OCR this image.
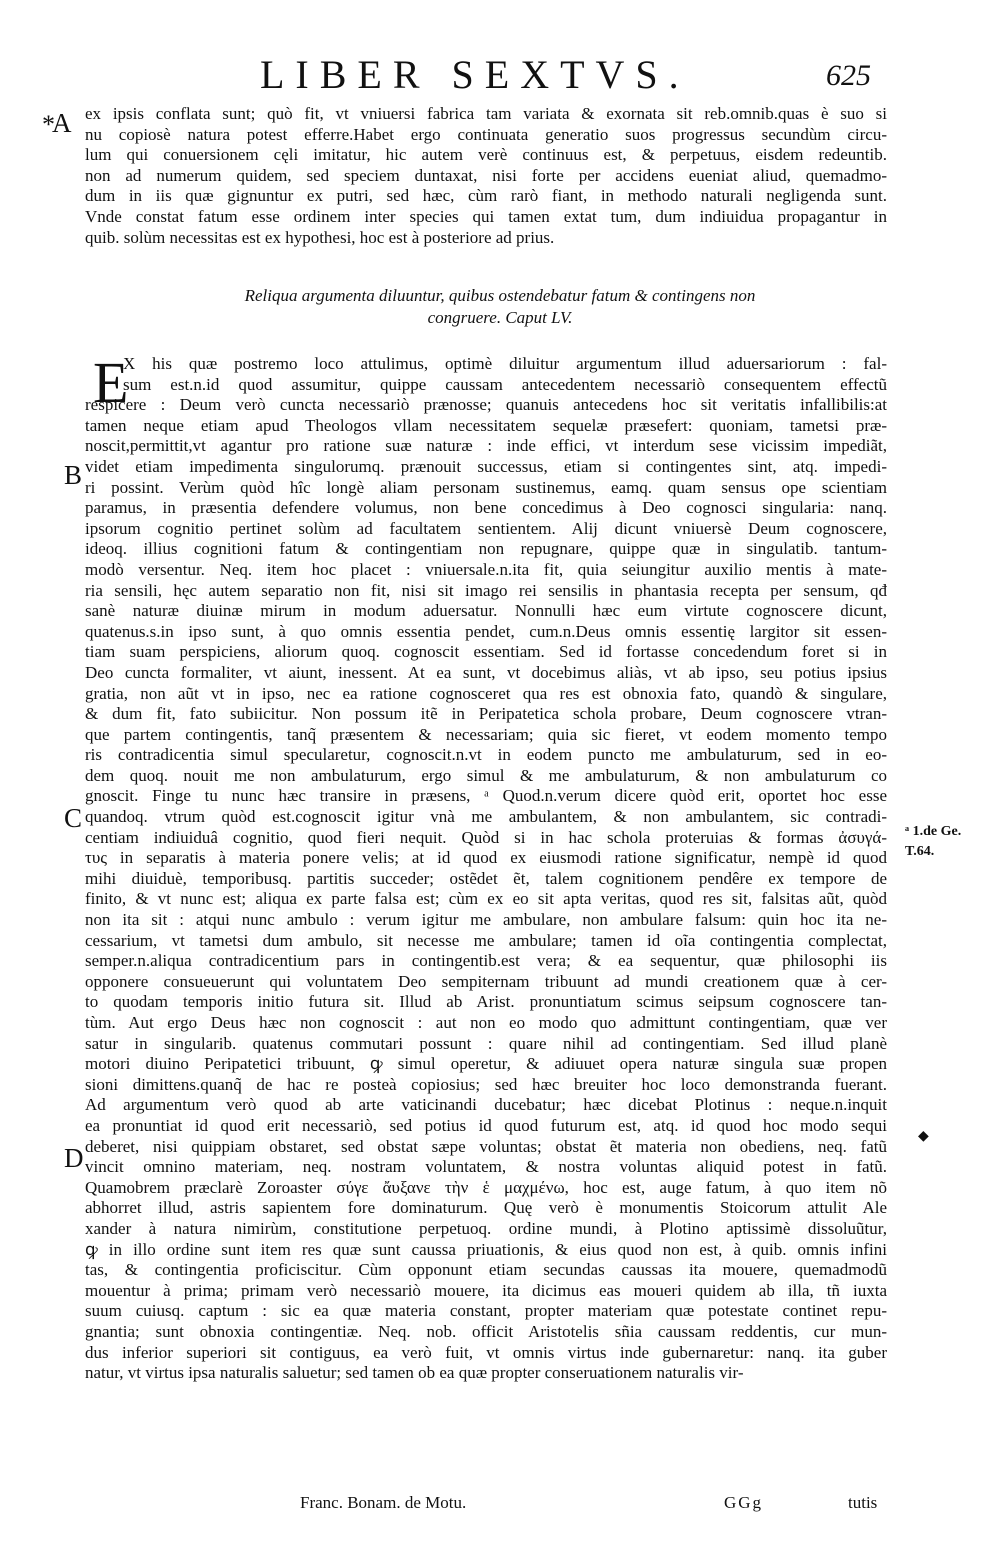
LIBER SEXTVS.	625
*
A ex ipsis conflata sunt; quò fit, vt vniuersi fabrica tam variata & exornata sit reb.omnib.quas è suo si
nu copiosè natura potest efferre.Habet ergo continuata generatio suos progressus secundùm circu-
lum qui conuersionem cęli imitatur, hic autem verè continuus est, & perpetuus, eisdem redeuntib.
non ad numerum quidem, sed speciem duntaxat, nisi forte per accidens eueniat aliud, quemadmo-
dum in iis quæ gignuntur ex putri, sed hæc, cùm rarò fiant, in methodo naturali negligenda sunt.
Vnde constat fatum esse ordinem inter species qui tamen extat tum, dum indiuidua propagantur in
quib. solùm necessitas est ex hypothesi, hoc est à posteriore ad prius.
Reliqua argumenta diluuntur, quibus ostendebatur fatum & contingens non
congruere. Caput LV.
E
B
C
D
X his quæ postremo loco attulimus, optimè diluitur argumentum illud aduersariorum : fal-
sum est.n.id quod assumitur, quippe caussam antecedentem necessariò consequentem effectũ
respicere : Deum verò cuncta necessariò prænosse; quanuis antecedens hoc sit veritatis infallibilis:at
tamen neque etiam apud Theologos vllam necessitatem sequelæ præsefert: quoniam, tametsi præ-
noscit,permittit,vt agantur pro ratione suæ naturæ : inde effici, vt interdum sese vicissim impediãt,
videt etiam impedimenta singulorumq. prænouit successus, etiam si contingentes sint, atq. impedi-
ri possint. Verùm quòd hîc longè aliam personam sustinemus, eamq. quam sensus ope scientiam
paramus, in præsentia defendere volumus, non bene concedimus à Deo cognosci singularia: nanq.
ipsorum cognitio pertinet solùm ad facultatem sentientem. Alij dicunt vniuersè Deum cognoscere,
ideoq. illius cognitioni fatum & contingentiam non repugnare, quippe quæ in singulatib. tantum-
modò versentur. Neq. item hoc placet : vniuersale.n.ita fit, quia seiungitur auxilio mentis à mate-
ria sensili, hęc autem separatio non fit, nisi sit imago rei sensilis in phantasia recepta per sensum, qđ
sanè naturæ diuinæ mirum in modum aduersatur. Nonnulli hæc eum virtute cognoscere dicunt,
quatenus.s.in ipso sunt, à quo omnis essentia pendet, cum.n.Deus omnis essentię largitor sit essen-
tiam suam perspiciens, aliorum quoq. cognoscit essentiam. Sed id fortasse concedendum foret si in
Deo cuncta formaliter, vt aiunt, inessent. At ea sunt, vt docebimus aliàs, vt ab ipso, seu potius ipsius
gratia, non aũt vt in ipso, nec ea ratione cognosceret qua res est obnoxia fato, quandò & singulare,
& dum fit, fato subiicitur. Non possum itẽ in Peripatetica schola probare, Deum cognoscere vtran-
que partem contingentis, tanq̃ præsentem & necessariam; quia sic fieret, vt eodem momento tempo
ris contradicentia simul specularetur, cognoscit.n.vt in eodem puncto me ambulaturum, sed in eo-
dem quoq. nouit me non ambulaturum, ergo simul & me ambulaturum, & non ambulaturum co
gnoscit. Finge tu nunc hæc transire in præsens, ᵃ Quod.n.verum dicere quòd erit, oportet hoc esse
quandoq. vtrum quòd est.cognoscit igitur vnà me ambulantem, & non ambulantem, sic contradi-
centiam indiuiduâ cognitio, quod fieri nequit. Quòd si in hac schola proteruias & formas ἀσυγά-
τυς in separatis à materia ponere velis; at id quod ex eiusmodi ratione significatur, nempè id quod
mihi diuiduè, temporibusq. partitis succeder; ostẽdet ẽt, talem cognitionem pendêre ex tempore de
finito, & vt nunc est; aliqua ex parte falsa est; cùm ex eo sit apta veritas, quod res sit, falsitas aũt, quòd
non ita sit : atqui nunc ambulo : verum igitur me ambulare, non ambulare falsum: quin hoc ita ne-
cessarium, vt tametsi dum ambulo, sit necesse me ambulare; tamen id oĩa contingentia complectat,
semper.n.aliqua contradicentium pars in contingentib.est vera; & ea sequentur, quæ philosophi iis
opponere consueuerunt qui voluntatem Deo sempiternam tribuunt ad mundi creationem quæ à cer-
to quodam temporis initio futura sit. Illud ab Arist. pronuntiatum scimus seipsum cognoscere tan-
tùm. Aut ergo Deus hæc non cognoscit : aut non eo modo quo admittunt contingentiam, quæ ver
satur in singularib. quatenus commutari possunt : quare nihil ad contingentiam. Sed illud planè
motori diuino Peripatetici tribuunt, ꝙ simul operetur, & adiuuet opera naturæ singula suæ propen
sioni dimittens.quanq̃ de hac re posteà copiosius; sed hæc breuiter hoc loco demonstranda fuerant.
Ad argumentum verò quod ab arte vaticinandi ducebatur; hæc dicebat Plotinus : neque.n.inquit
ea pronuntiat id quod erit necessariò, sed potius id quod futurum est, atq. id quod hoc modo sequi
deberet, nisi quippiam obstaret, sed obstat sæpe voluntas; obstat ẽt materia non obediens, neq. fatũ
vincit omnino materiam, neq. nostram voluntatem, & nostra voluntas aliquid potest in fatũ.
Quamobrem præclarè Zoroaster σύγε ἄυξανε τὴν ἑ μαχμένω, hoc est, auge fatum, à quo item nõ
abhorret illud, astris sapientem fore dominaturum. Quę verò è monumentis Stoicorum attulit Ale
xander à natura nimirùm, constitutione perpetuoq. ordine mundi, à Plotino aptissimè dissoluũtur,
ꝙ in illo ordine sunt item res quæ sunt caussa priuationis, & eius quod non est, à quib. omnis infini
tas, & contingentia proficiscitur. Cùm opponunt etiam secundas caussas ita mouere, quemadmodũ
mouentur à prima; primam verò necessariò mouere, ita dicimus eas moueri quidem ab illa, tñ iuxta
suum cuiusq. captum : sic ea quæ materia constant, propter materiam quæ potestate continet repu-
gnantia; sunt obnoxia contingentiæ. Neq. nob. officit Aristotelis sñia caussam reddentis, cur mun-
dus inferior superiori sit contiguus, ea verò fuit, vt omnis virtus inde gubernaretur: nanq. ita guber
natur, vt virtus ipsa naturalis saluetur; sed tamen ob ea quæ propter conseruationem naturalis vir-
ᵃ 1.de Ge.
T.64.
◆
Franc. Bonam. de Motu.	GGg	tutis
